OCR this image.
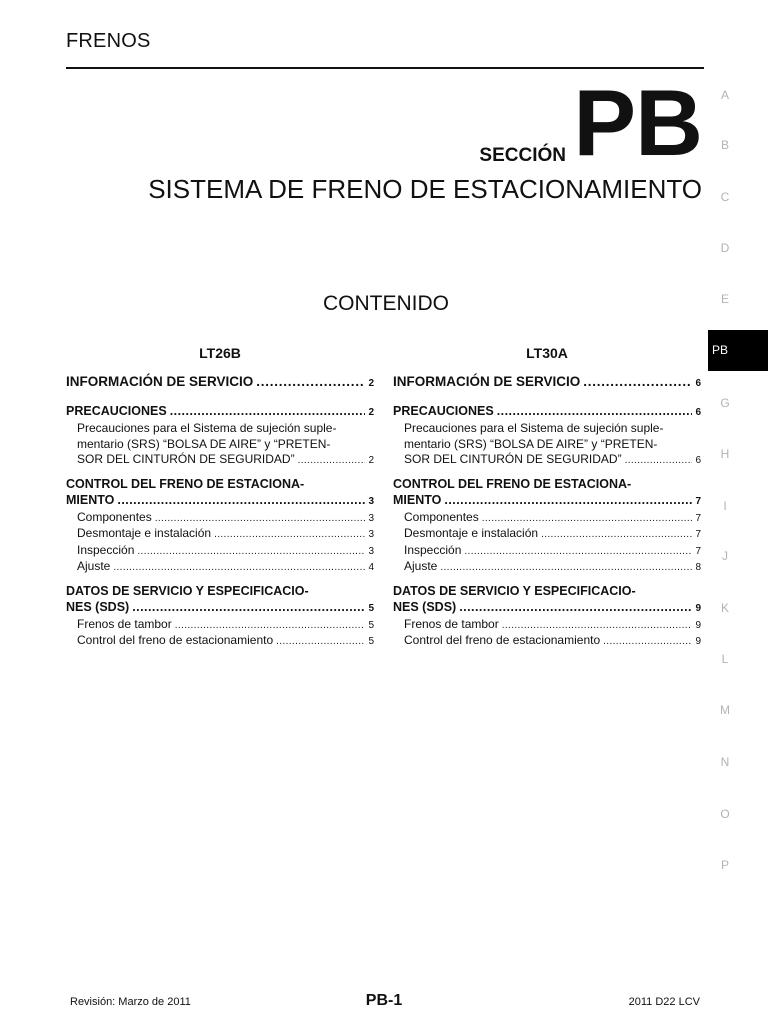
FRENOS
SECCIÓN PB
SISTEMA DE FRENO DE ESTACIONAMIENTO
CONTENIDO
LT26B
INFORMACIÓN DE SERVICIO . . .	2
PRECAUCIONES . . .	2
Precauciones para el Sistema de sujeción suple-
mentario (SRS) “BOLSA DE AIRE” y “PRETEN-
SOR DEL CINTURÓN DE SEGURIDAD” . . .	2
CONTROL DEL FRENO DE ESTACIONA-
MIENTO . . .	3
Componentes . . .	3
Desmontaje e instalación . . .	3
Inspección . . .	3
Ajuste . . .	4
DATOS DE SERVICIO Y ESPECIFICACIO-
NES (SDS) . . .	5
Frenos de tambor . . .	5
Control del freno de estacionamiento . . .	5
LT30A
INFORMACIÓN DE SERVICIO . . .	6
PRECAUCIONES . . .	6
Precauciones para el Sistema de sujeción suple-
mentario (SRS) “BOLSA DE AIRE” y “PRETEN-
SOR DEL CINTURÓN DE SEGURIDAD” . . .	6
CONTROL DEL FRENO DE ESTACIONA-
MIENTO . . .	7
Componentes . . .	7
Desmontaje e instalación . . .	7
Inspección . . .	7
Ajuste . . .	8
DATOS DE SERVICIO Y ESPECIFICACIO-
NES (SDS) . . .	9
Frenos de tambor . . .	9
Control del freno de estacionamiento . . .	9
A
B
C
D
E
PB
G
H
I
J
K
L
M
N
O
P
Revisión: Marzo de 2011	PB-1	2011 D22 LCV
